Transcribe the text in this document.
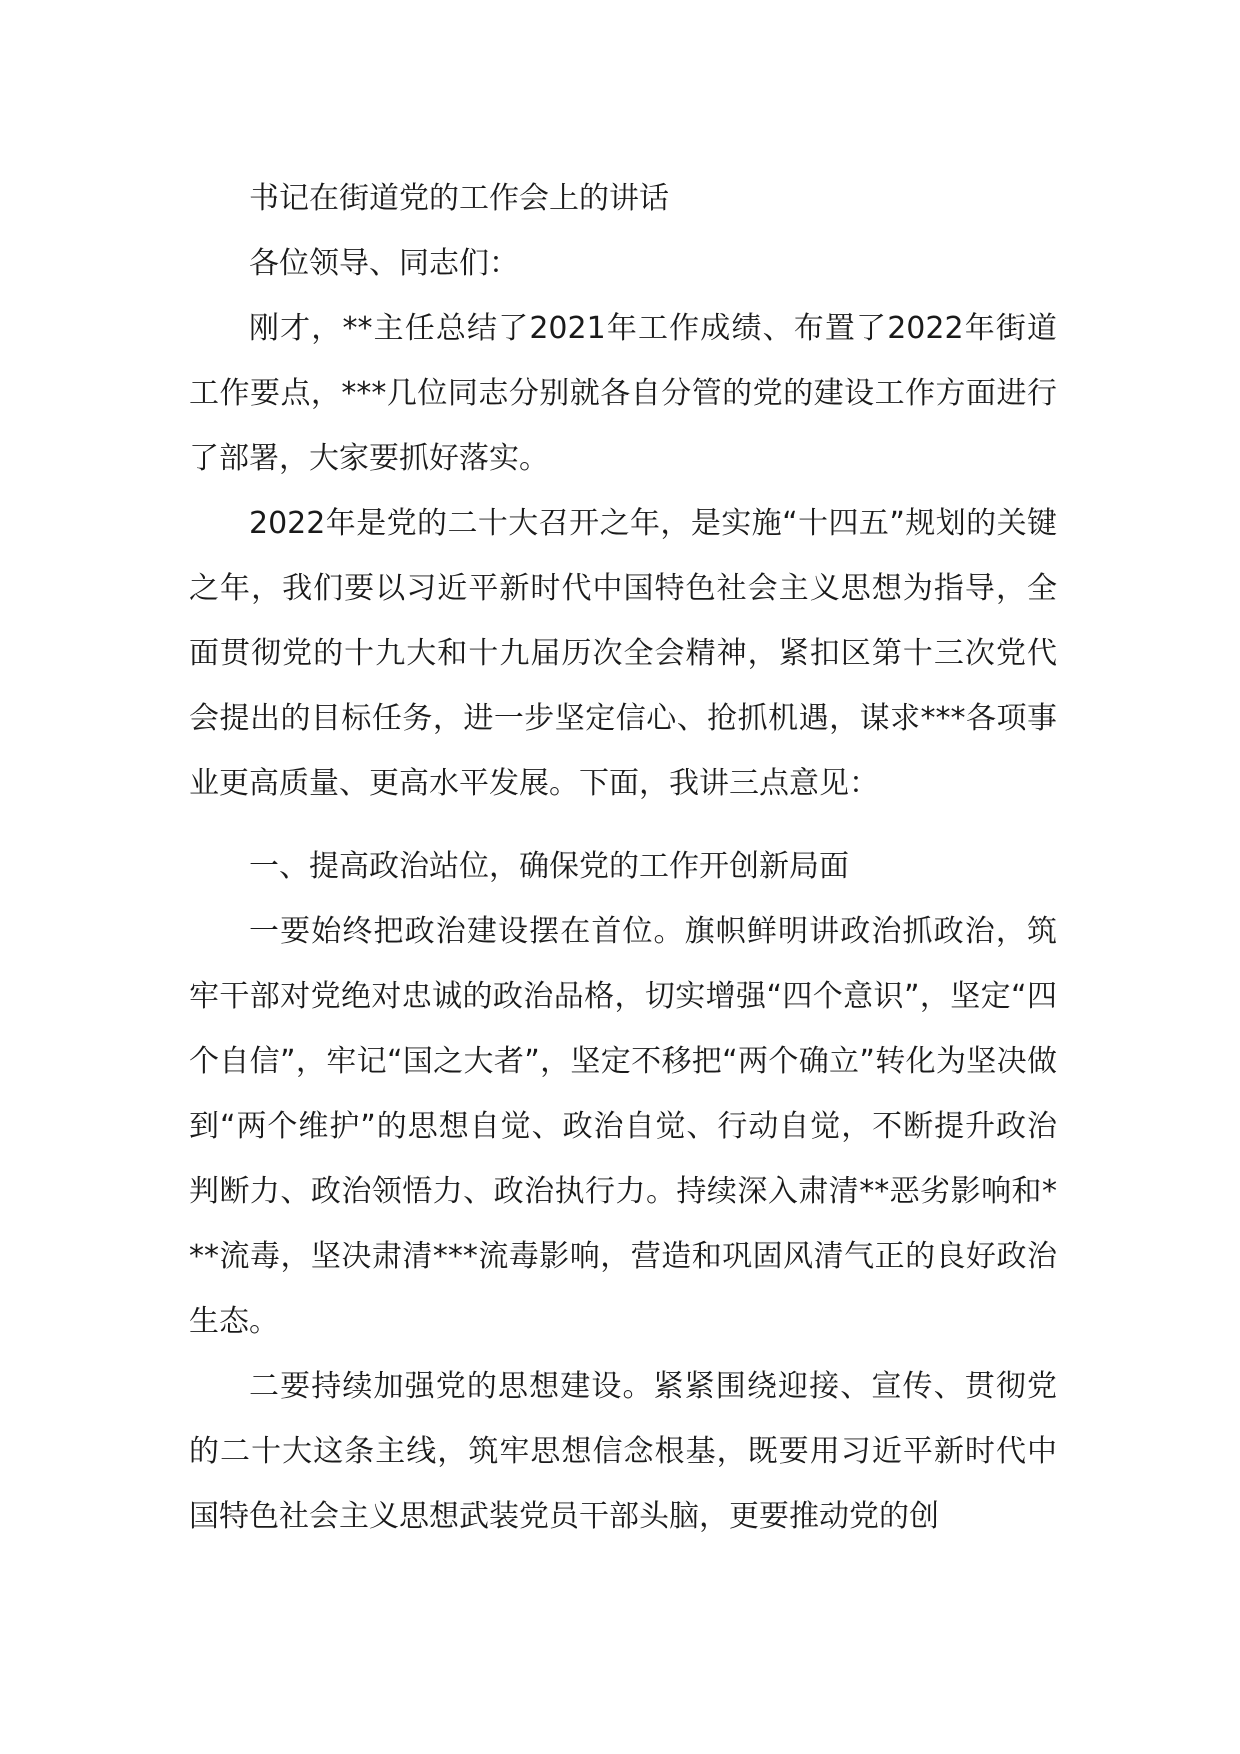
书记在街道党的工作会上的讲话

各位领导、同志们：

刚才，**主任总结了2021年工作成绩、布置了2022年街道工作要点，***几位同志分别就各自分管的党的建设工作方面进行了部署，大家要抓好落实。

2022年是党的二十大召开之年，是实施“十四五”规划的关键之年，我们要以习近平新时代中国特色社会主义思想为指导，全面贯彻党的十九大和十九届历次全会精神，紧扣区第十三次党代会提出的目标任务，进一步坚定信心、抢抓机遇，谋求***各项事业更高质量、更高水平发展。下面，我讲三点意见：

一、提高政治站位，确保党的工作开创新局面

一要始终把政治建设摆在首位。旗帜鲜明讲政治抓政治，筑牢干部对党绝对忠诚的政治品格，切实增强“四个意识”，坚定“四个自信”，牢记“国之大者”，坚定不移把“两个确立”转化为坚决做到“两个维护”的思想自觉、政治自觉、行动自觉，不断提升政治判断力、政治领悟力、政治执行力。持续深入肃清**恶劣影响和***流毒，坚决肃清***流毒影响，营造和巩固风清气正的良好政治生态。

二要持续加强党的思想建设。紧紧围绕迎接、宣传、贯彻党的二十大这条主线，筑牢思想信念根基，既要用习近平新时代中国特色社会主义思想武装党员干部头脑，更要推动党的创
